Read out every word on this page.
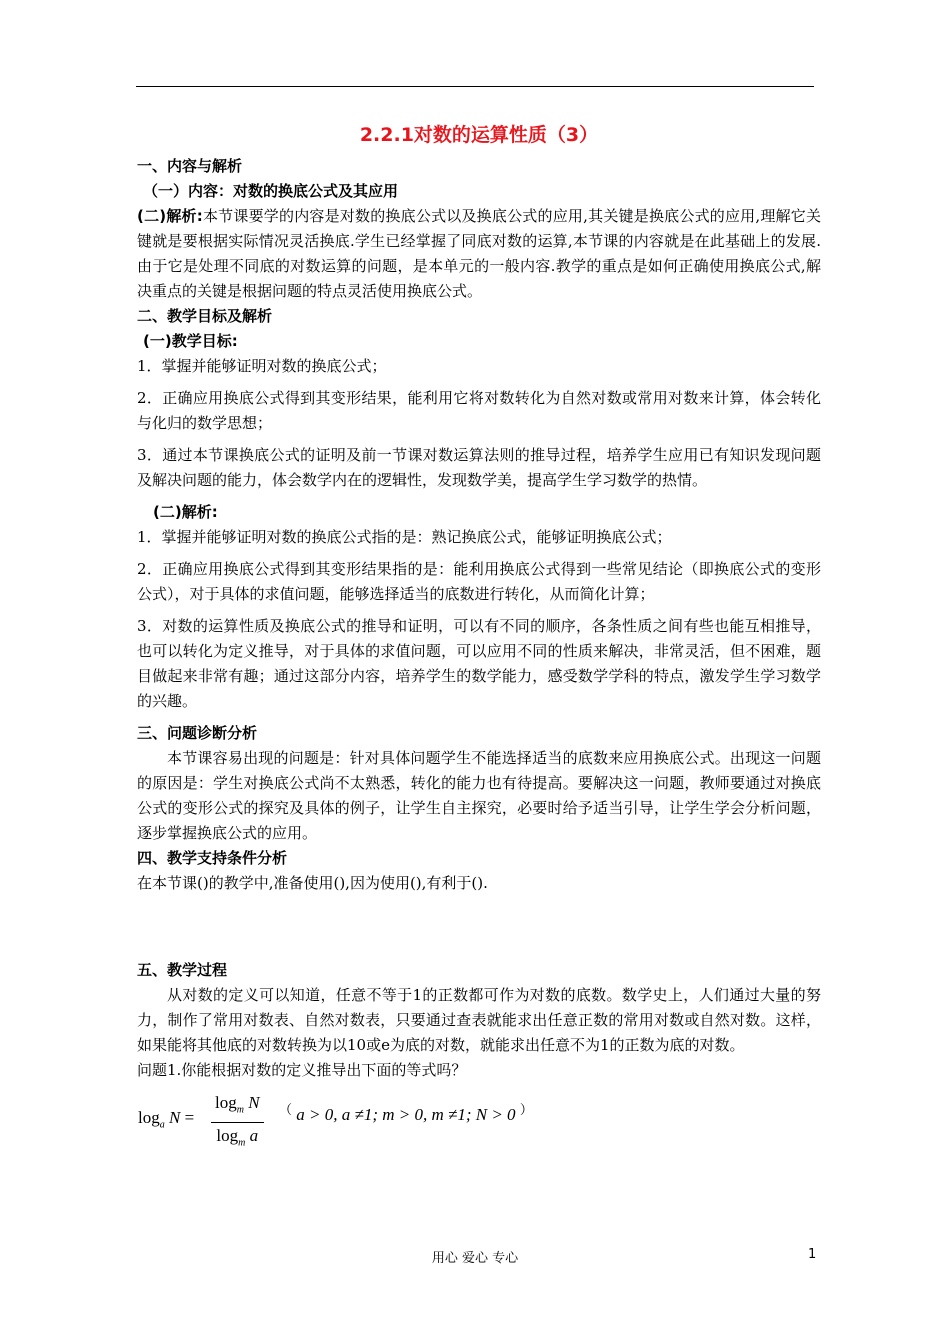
2.2.1对数的运算性质（3）
一、内容与解析
（一）内容：对数的换底公式及其应用

(二)解析:本节课要学的内容是对数的换底公式以及换底公式的应用,其关键是换底公式的应用,理解它关键就是要根据实际情况灵活换底.学生已经掌握了同底对数的运算,本节课的内容就是在此基础上的发展.由于它是处理不同底的对数运算的问题，是本单元的一般内容.教学的重点是如何正确使用换底公式,解决重点的关键是根据问题的特点灵活使用换底公式。

二、教学目标及解析
(一)教学目标:

1．掌握并能够证明对数的换底公式；

2．正确应用换底公式得到其变形结果，能利用它将对数转化为自然对数或常用对数来计算，体会转化与化归的数学思想；

3．通过本节课换底公式的证明及前一节课对数运算法则的推导过程，培养学生应用已有知识发现问题及解决问题的能力，体会数学内在的逻辑性，发现数学美，提高学生学习数学的热情。

(二)解析:

1．掌握并能够证明对数的换底公式指的是：熟记换底公式，能够证明换底公式；

2．正确应用换底公式得到其变形结果指的是：能利用换底公式得到一些常见结论（即换底公式的变形公式），对于具体的求值问题，能够选择适当的底数进行转化，从而简化计算；

3．对数的运算性质及换底公式的推导和证明，可以有不同的顺序，各条性质之间有些也能互相推导，也可以转化为定义推导，对于具体的求值问题，可以应用不同的性质来解决，非常灵活，但不困难，题目做起来非常有趣；通过这部分内容，培养学生的数学能力，感受数学学科的特点，激发学生学习数学的兴趣。

三、问题诊断分析

本节课容易出现的问题是：针对具体问题学生不能选择适当的底数来应用换底公式。出现这一问题的原因是：学生对换底公式尚不太熟悉，转化的能力也有待提高。要解决这一问题，教师要通过对换底公式的变形公式的探究及具体的例子，让学生自主探究，必要时给予适当引导，让学生学会分析问题，逐步掌握换底公式的应用。

四、教学支持条件分析

在本节课()的教学中,准备使用(),因为使用(),有利于().

五、教学过程

从对数的定义可以知道，任意不等于1的正数都可作为对数的底数。数学史上，人们通过大量的努力，制作了常用对数表、自然对数表，只要通过查表就能求出任意正数的常用对数或自然对数。这样，如果能将其他底的对数转换为以10或e为底的对数，就能求出任意不为1的正数为底的对数。

问题1.你能根据对数的定义推导出下面的等式吗？

$\log_a N = \frac{\log_m N}{\log_m a} ^($ a > 0, a ≠1; m > 0, m ≠1; N > 0 ）
用心 爱心 专心	1
